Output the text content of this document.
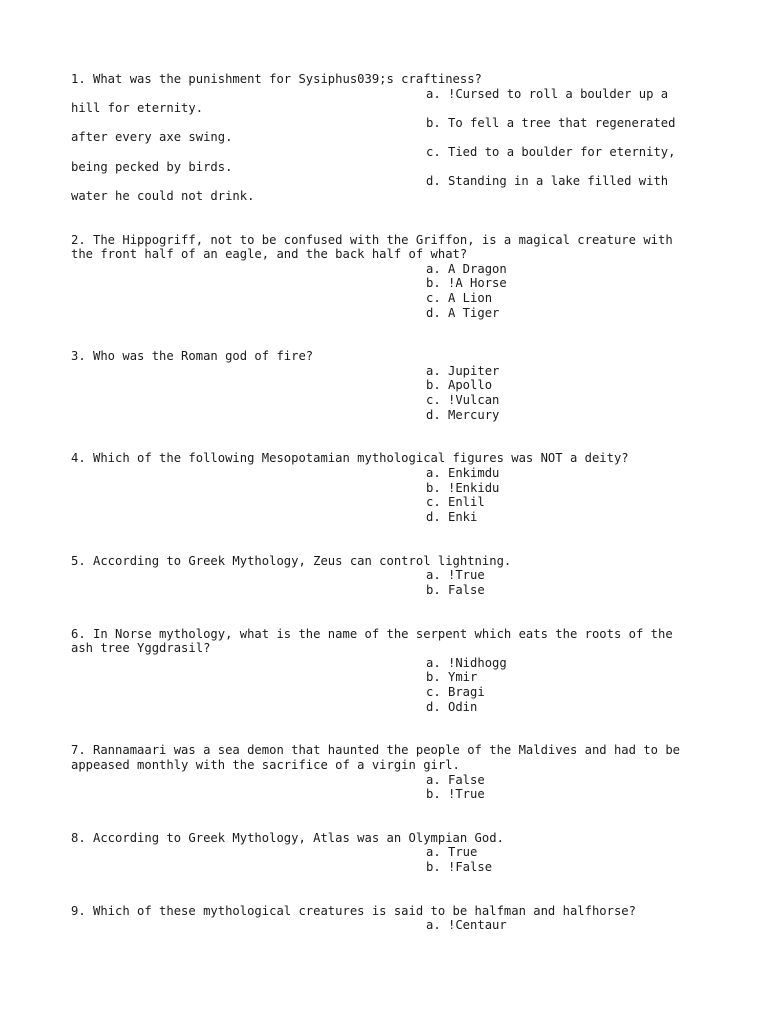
1. What was the punishment for Sysiphus039;s craftiness?
a. !Cursed to roll a boulder up a
hill for eternity.
b. To fell a tree that regenerated
after every axe swing.
c. Tied to a boulder for eternity,
being pecked by birds.
d. Standing in a lake filled with
water he could not drink.
2. The Hippogriff, not to be confused with the Griffon, is a magical creature with
the front half of an eagle, and the back half of what?
a. A Dragon
b. !A Horse
c. A Lion
d. A Tiger
3. Who was the Roman god of fire?
a. Jupiter
b. Apollo
c. !Vulcan
d. Mercury
4. Which of the following Mesopotamian mythological figures was NOT a deity?
a. Enkimdu
b. !Enkidu
c. Enlil
d. Enki
5. According to Greek Mythology, Zeus can control lightning.
a. !True
b. False
6. In Norse mythology, what is the name of the serpent which eats the roots of the
ash tree Yggdrasil?
a. !Nidhogg
b. Ymir
c. Bragi
d. Odin
7. Rannamaari was a sea demon that haunted the people of the Maldives and had to be
appeased monthly with the sacrifice of a virgin girl.
a. False
b. !True
8. According to Greek Mythology, Atlas was an Olympian God.
a. True
b. !False
9. Which of these mythological creatures is said to be halfman and halfhorse?
a. !Centaur
